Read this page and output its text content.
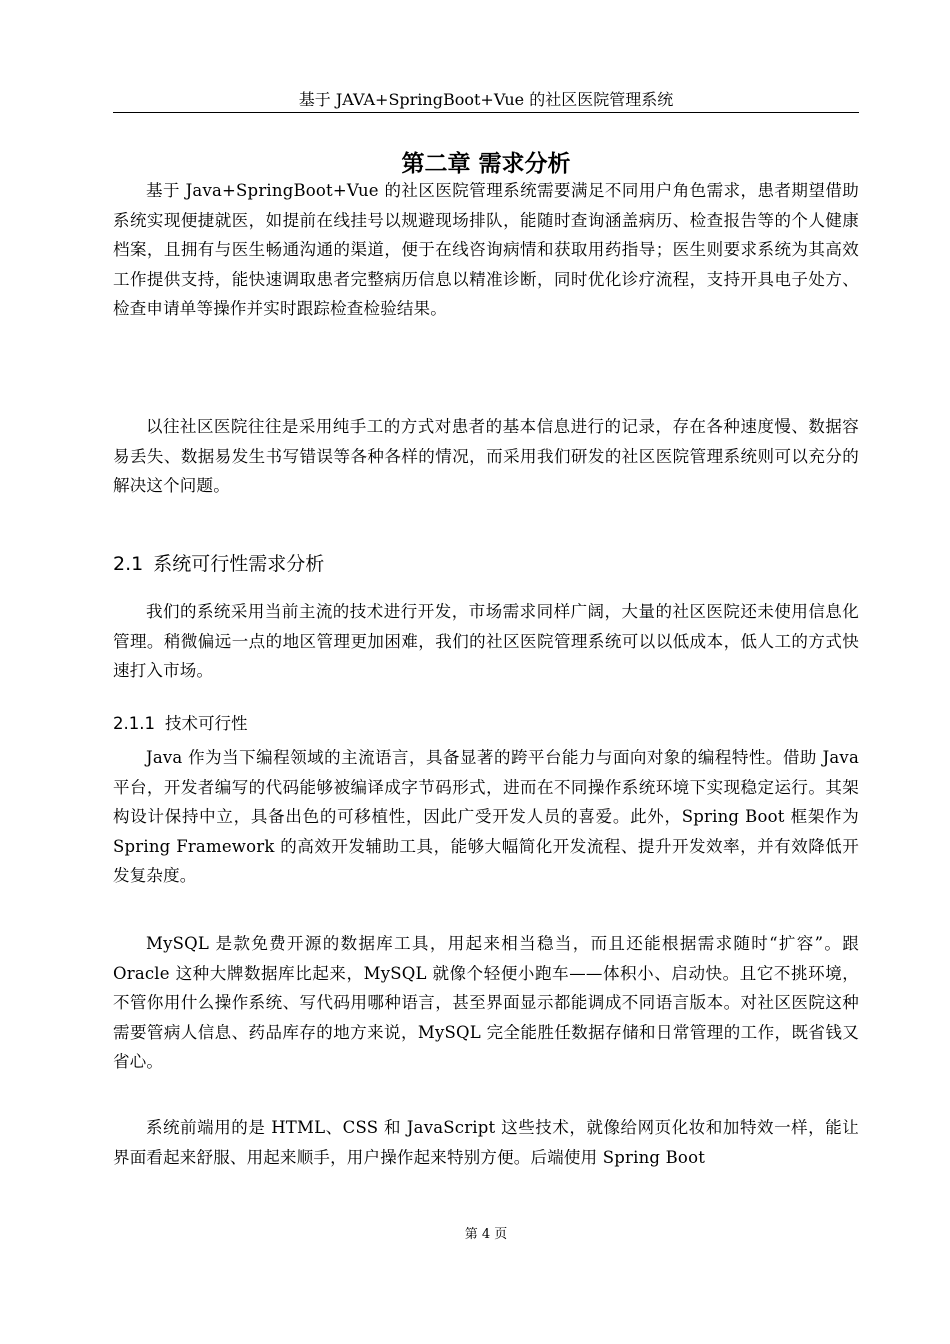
基于 JAVA+SpringBoot+Vue 的社区医院管理系统
第二章 需求分析

基于 Java+SpringBoot+Vue 的社区医院管理系统需要满足不同用户角色需求，患者期望借助系统实现便捷就医，如提前在线挂号以规避现场排队，能随时查询涵盖病历、检查报告等的个人健康档案，且拥有与医生畅通沟通的渠道，便于在线咨询病情和获取用药指导；医生则要求系统为其高效工作提供支持，能快速调取患者完整病历信息以精准诊断，同时优化诊疗流程，支持开具电子处方、检查申请单等操作并实时跟踪检查检验结果。

以往社区医院往往是采用纯手工的方式对患者的基本信息进行的记录，存在各种速度慢、数据容易丢失、数据易发生书写错误等各种各样的情况，而采用我们研发的社区医院管理系统则可以充分的解决这个问题。

2.1 系统可行性需求分析

我们的系统采用当前主流的技术进行开发，市场需求同样广阔，大量的社区医院还未使用信息化管理。稍微偏远一点的地区管理更加困难，我们的社区医院管理系统可以以低成本，低人工的方式快速打入市场。

2.1.1 技术可行性

Java 作为当下编程领域的主流语言，具备显著的跨平台能力与面向对象的编程特性。借助 Java 平台，开发者编写的代码能够被编译成字节码形式，进而在不同操作系统环境下实现稳定运行。其架构设计保持中立，具备出色的可移植性，因此广受开发人员的喜爱。此外，Spring Boot 框架作为 Spring Framework 的高效开发辅助工具，能够大幅简化开发流程、提升开发效率，并有效降低开发复杂度。

MySQL 是款免费开源的数据库工具，用起来相当稳当，而且还能根据需求随时“扩容”。跟 Oracle 这种大牌数据库比起来，MySQL 就像个轻便小跑车——体积小、启动快。且它不挑环境，不管你用什么操作系统、写代码用哪种语言，甚至界面显示都能调成不同语言版本。对社区医院这种需要管病人信息、药品库存的地方来说，MySQL 完全能胜任数据存储和日常管理的工作，既省钱又省心。

系统前端用的是 HTML、CSS 和 JavaScript 这些技术，就像给网页化妆和加特效一样，能让界面看起来舒服、用起来顺手，用户操作起来特别方便。后端使用 Spring Boot

第 4 页
